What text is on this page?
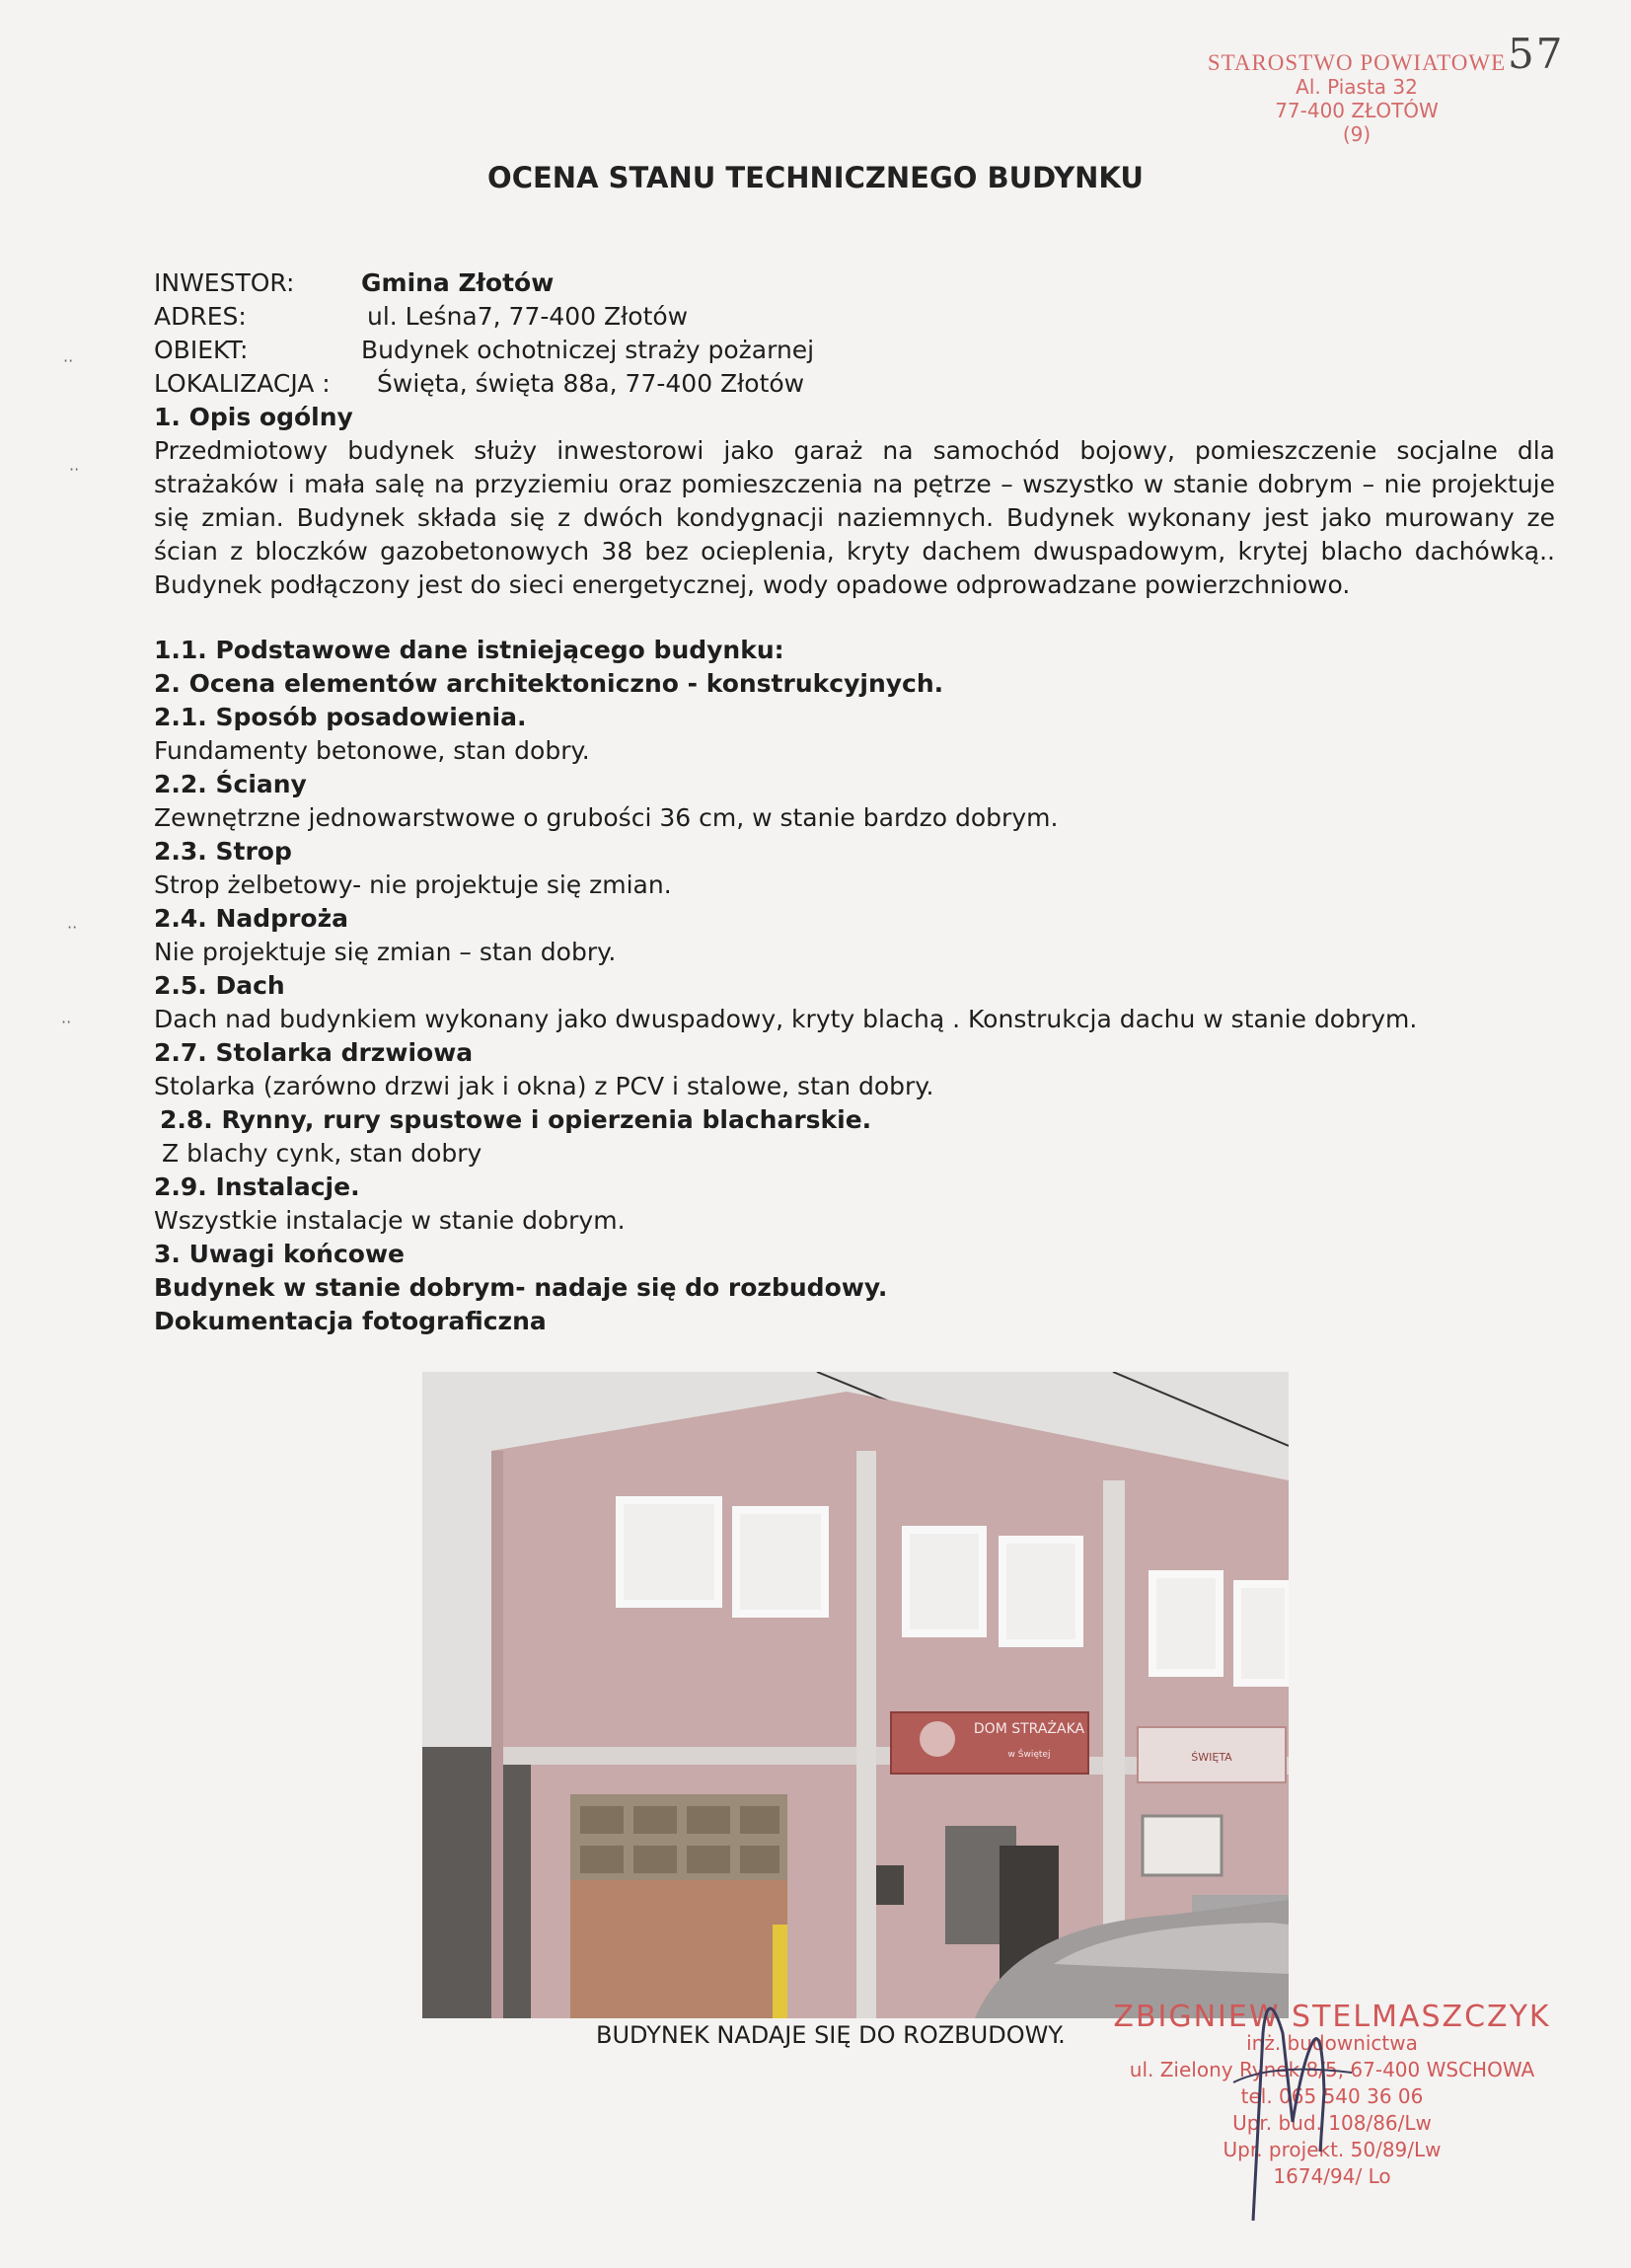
57
STAROSTWO POWIATOWE
Al. Piasta 32
77-400 ZŁOTÓW
(9)
OCENA STANU TECHNICZNEGO BUDYNKU
INWESTOR:	Gmina Złotów
ADRES:	ul. Leśna7, 77-400 Złotów
OBIEKT:	Budynek ochotniczej straży pożarnej
LOKALIZACJA : Święta, święta 88a, 77-400 Złotów
1. Opis ogólny
Przedmiotowy budynek służy inwestorowi jako garaż na samochód bojowy, pomieszczenie socjalne dla strażaków i mała salę na przyziemiu oraz pomieszczenia na pętrze – wszystko w stanie dobrym – nie projektuje się zmian. Budynek składa się z dwóch kondygnacji naziemnych. Budynek wykonany jest jako murowany ze ścian z bloczków gazobetonowych 38 bez ocieplenia, kryty dachem dwuspadowym, krytej blacho dachówką.. Budynek podłączony jest do sieci energetycznej, wody opadowe odprowadzane powierzchniowo.
1.1. Podstawowe dane istniejącego budynku:
2. Ocena elementów architektoniczno - konstrukcyjnych.
2.1. Sposób posadowienia.
Fundamenty betonowe, stan dobry.
2.2. Ściany
Zewnętrzne jednowarstwowe o grubości 36 cm, w stanie bardzo dobrym.
2.3. Strop
Strop żelbetowy- nie projektuje się zmian.
2.4. Nadproża
Nie projektuje się zmian – stan dobry.
2.5. Dach
Dach nad budynkiem wykonany jako dwuspadowy, kryty blachą . Konstrukcja dachu w stanie dobrym.
2.7. Stolarka drzwiowa
Stolarka (zarówno drzwi jak i okna) z PCV i stalowe, stan dobry.
2.8. Rynny, rury spustowe i opierzenia blacharskie.
Z blachy cynk, stan dobry
2.9. Instalacje.
Wszystkie instalacje w stanie dobrym.
3. Uwagi końcowe
Budynek w stanie dobrym- nadaje się do rozbudowy.
Dokumentacja fotograficzna
··
··
··
··
DOM STRAŻAKA
w Świętej	ŚWIĘTA
BUDYNEK NADAJE SIĘ DO ROZBUDOWY.
ZBIGNIEW STELMASZCZYK
inż. budownictwa
ul. Zielony Rynek 8/5, 67-400 WSCHOWA
tel. 065 540 36 06
Upr. bud. 108/86/Lw
Upr. projekt. 50/89/Lw
1674/94/ Lo
